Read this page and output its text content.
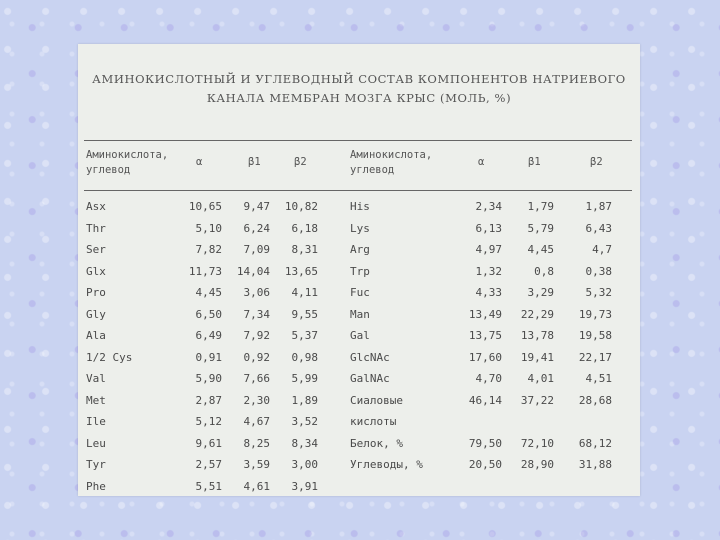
АМИНОКИСЛОТНЫЙ И УГЛЕВОДНЫЙ СОСТАВ КОМПОНЕНТОВ НАТРИЕВОГО
КАНАЛА МЕМБРАН МОЗГА КРЫС (МОЛЬ, %)
Аминокислота,
углевод
α	β1	β2
Аминокислота,
углевод
α	β1	β2
Asx	10,65	9,47	10,82
Thr	5,10	6,24	6,18
Ser	7,82	7,09	8,31
Glx	11,73	14,04	13,65
Pro	4,45	3,06	4,11
Gly	6,50	7,34	9,55
Ala	6,49	7,92	5,37
1/2 Cys	0,91	0,92	0,98
Val	5,90	7,66	5,99
Met	2,87	2,30	1,89
Ile	5,12	4,67	3,52
Leu	9,61	8,25	8,34
Tyr	2,57	3,59	3,00
Phe	5,51	4,61	3,91
His	2,34	1,79	1,87
Lys	6,13	5,79	6,43
Arg	4,97	4,45	4,7
Trp	1,32	0,8	0,38
Fuc	4,33	3,29	5,32
Man	13,49	22,29	19,73
Gal	13,75	13,78	19,58
GlcNAc	17,60	19,41	22,17
GalNAc	4,70	4,01	4,51
Сиаловые	46,14	37,22	28,68
кислоты
Белок, %	79,50	72,10	68,12
Углеводы, %	20,50	28,90	31,88
